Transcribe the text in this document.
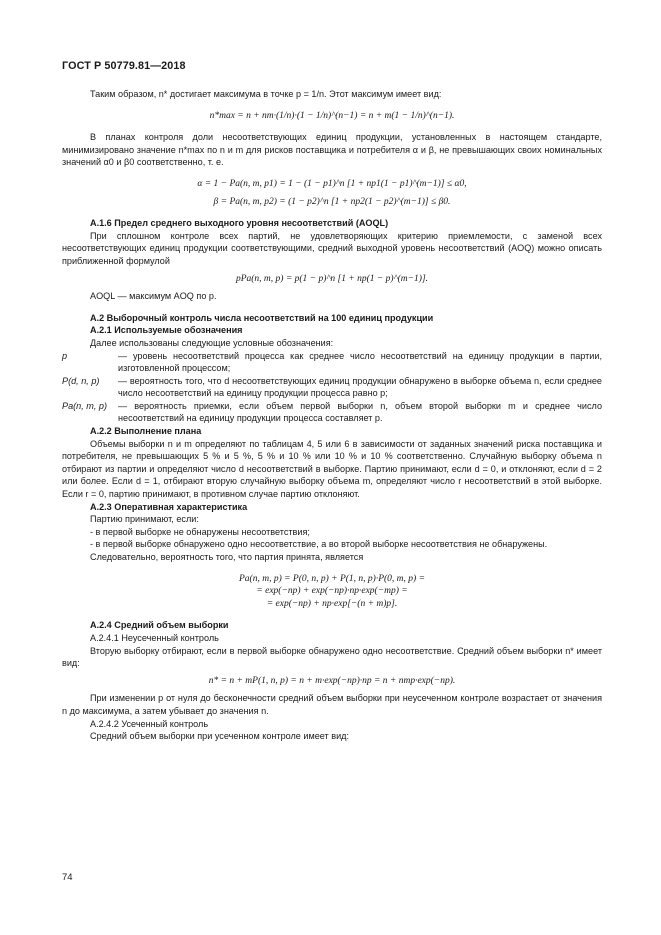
ГОСТ Р 50779.81—2018

Таким образом, n* достигает максимума в точке p = 1/n. Этот максимум имеет вид:

n*max = n + nm·(1/n)·(1 − 1/n)^(n−1) = n + m(1 − 1/n)^(n−1).

В планах контроля доли несоответствующих единиц продукции, установленных в настоящем стандарте, минимизировано значение n*max по n и m для рисков поставщика и потребителя α и β, не превышающих своих номинальных значений α0 и β0 соответственно, т. е.

α = 1 − Pa(n, m, p1) = 1 − (1 − p1)^n [1 + np1(1 − p1)^(m−1)] ≤ α0,

β = Pa(n, m, p2) = (1 − p2)^n [1 + np2(1 − p2)^(m−1)] ≤ β0.

А.1.6 Предел среднего выходного уровня несоответствий (AOQL)

При сплошном контроле всех партий, не удовлетворяющих критерию приемлемости, с заменой всех несоответствующих единиц продукции соответствующими, средний выходной уровень несоответствий (AOQ) можно описать приближенной формулой

pPa(n, m, p) = p(1 − p)^n [1 + np(1 − p)^(m−1)].

AOQL — максимум AOQ по p.

А.2 Выборочный контроль числа несоответствий на 100 единиц продукции

А.2.1 Используемые обозначения

Далее использованы следующие условные обозначения:

p	— уровень несоответствий процесса как среднее число несоответствий на единицу продукции в партии, изготовленной процессом;
P(d, n, p)	— вероятность того, что d несоответствующих единиц продукции обнаружено в выборке объема n, если среднее число несоответствий на единицу продукции процесса равно p;
Pa(n, m, p)	— вероятность приемки, если объем первой выборки n, объем второй выборки m и среднее число несоответствий на единицу продукции процесса составляет p.

А.2.2 Выполнение плана

Объемы выборки n и m определяют по таблицам 4, 5 или 6 в зависимости от заданных значений риска поставщика и потребителя, не превышающих 5 % и 5 %, 5 % и 10 % или 10 % и 10 % соответственно. Случайную выборку объема n отбирают из партии и определяют число d несоответствий в выборке. Партию принимают, если d = 0, и отклоняют, если d = 2 или более. Если d = 1, отбирают вторую случайную выборку объема m, определяют число r несоответствий в этой выборке. Если r = 0, партию принимают, в противном случае партию отклоняют.

А.2.3 Оперативная характеристика

Партию принимают, если:

- в первой выборке не обнаружены несоответствия;

- в первой выборке обнаружено одно несоответствие, а во второй выборке несоответствия не обнаружены.

Следовательно, вероятность того, что партия принята, является

Pa(n, m, p) = P(0, n, p) + P(1, n, p)·P(0, m, p) =

= exp(−np) + exp(−np)·np·exp(−mp) =

= exp(−np) + np·exp[−(n + m)p].

А.2.4 Средний объем выборки

А.2.4.1 Неусеченный контроль

Вторую выборку отбирают, если в первой выборке обнаружено одно несоответствие. Средний объем выборки n* имеет вид:

n* = n + mP(1, n, p) = n + m·exp(−np)·np = n + nmp·exp(−np).

При изменении p от нуля до бесконечности средний объем выборки при неусеченном контроле возрастает от значения n до максимума, а затем убывает до значения n.

А.2.4.2 Усеченный контроль

Средний объем выборки при усеченном контроле имеет вид:

74
